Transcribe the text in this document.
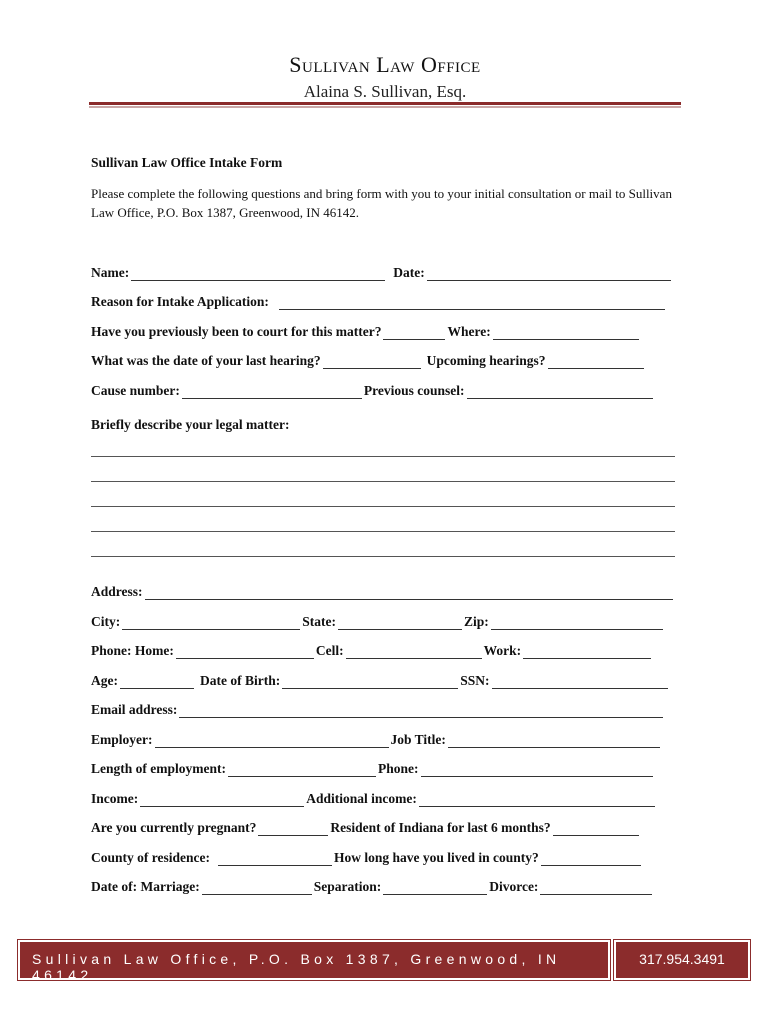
Sullivan Law Office
Alaina S. Sullivan, Esq.
Sullivan Law Office Intake Form
Please complete the following questions and bring form with you to your initial consultation or mail to Sullivan Law Office, P.O. Box 1387, Greenwood, IN 46142.
Name:	Date:
Reason for Intake Application:
Have you previously been to court for this matter?	Where:
What was the date of your last hearing?	Upcoming hearings?
Cause number:	Previous counsel:
Briefly describe your legal matter:
Address:
City:	State:	Zip:
Phone: Home:	Cell:	Work:
Age:	Date of Birth:	SSN:
Email address:
Employer:	Job Title:
Length of employment:	Phone:
Income:	Additional income:
Are you currently pregnant?	Resident of Indiana for last 6 months?
County of residence:	How long have you lived in county?
Date of: Marriage:	Separation:	Divorce:
Sullivan Law Office, P.O. Box 1387, Greenwood, IN 46142
317.954.3491
